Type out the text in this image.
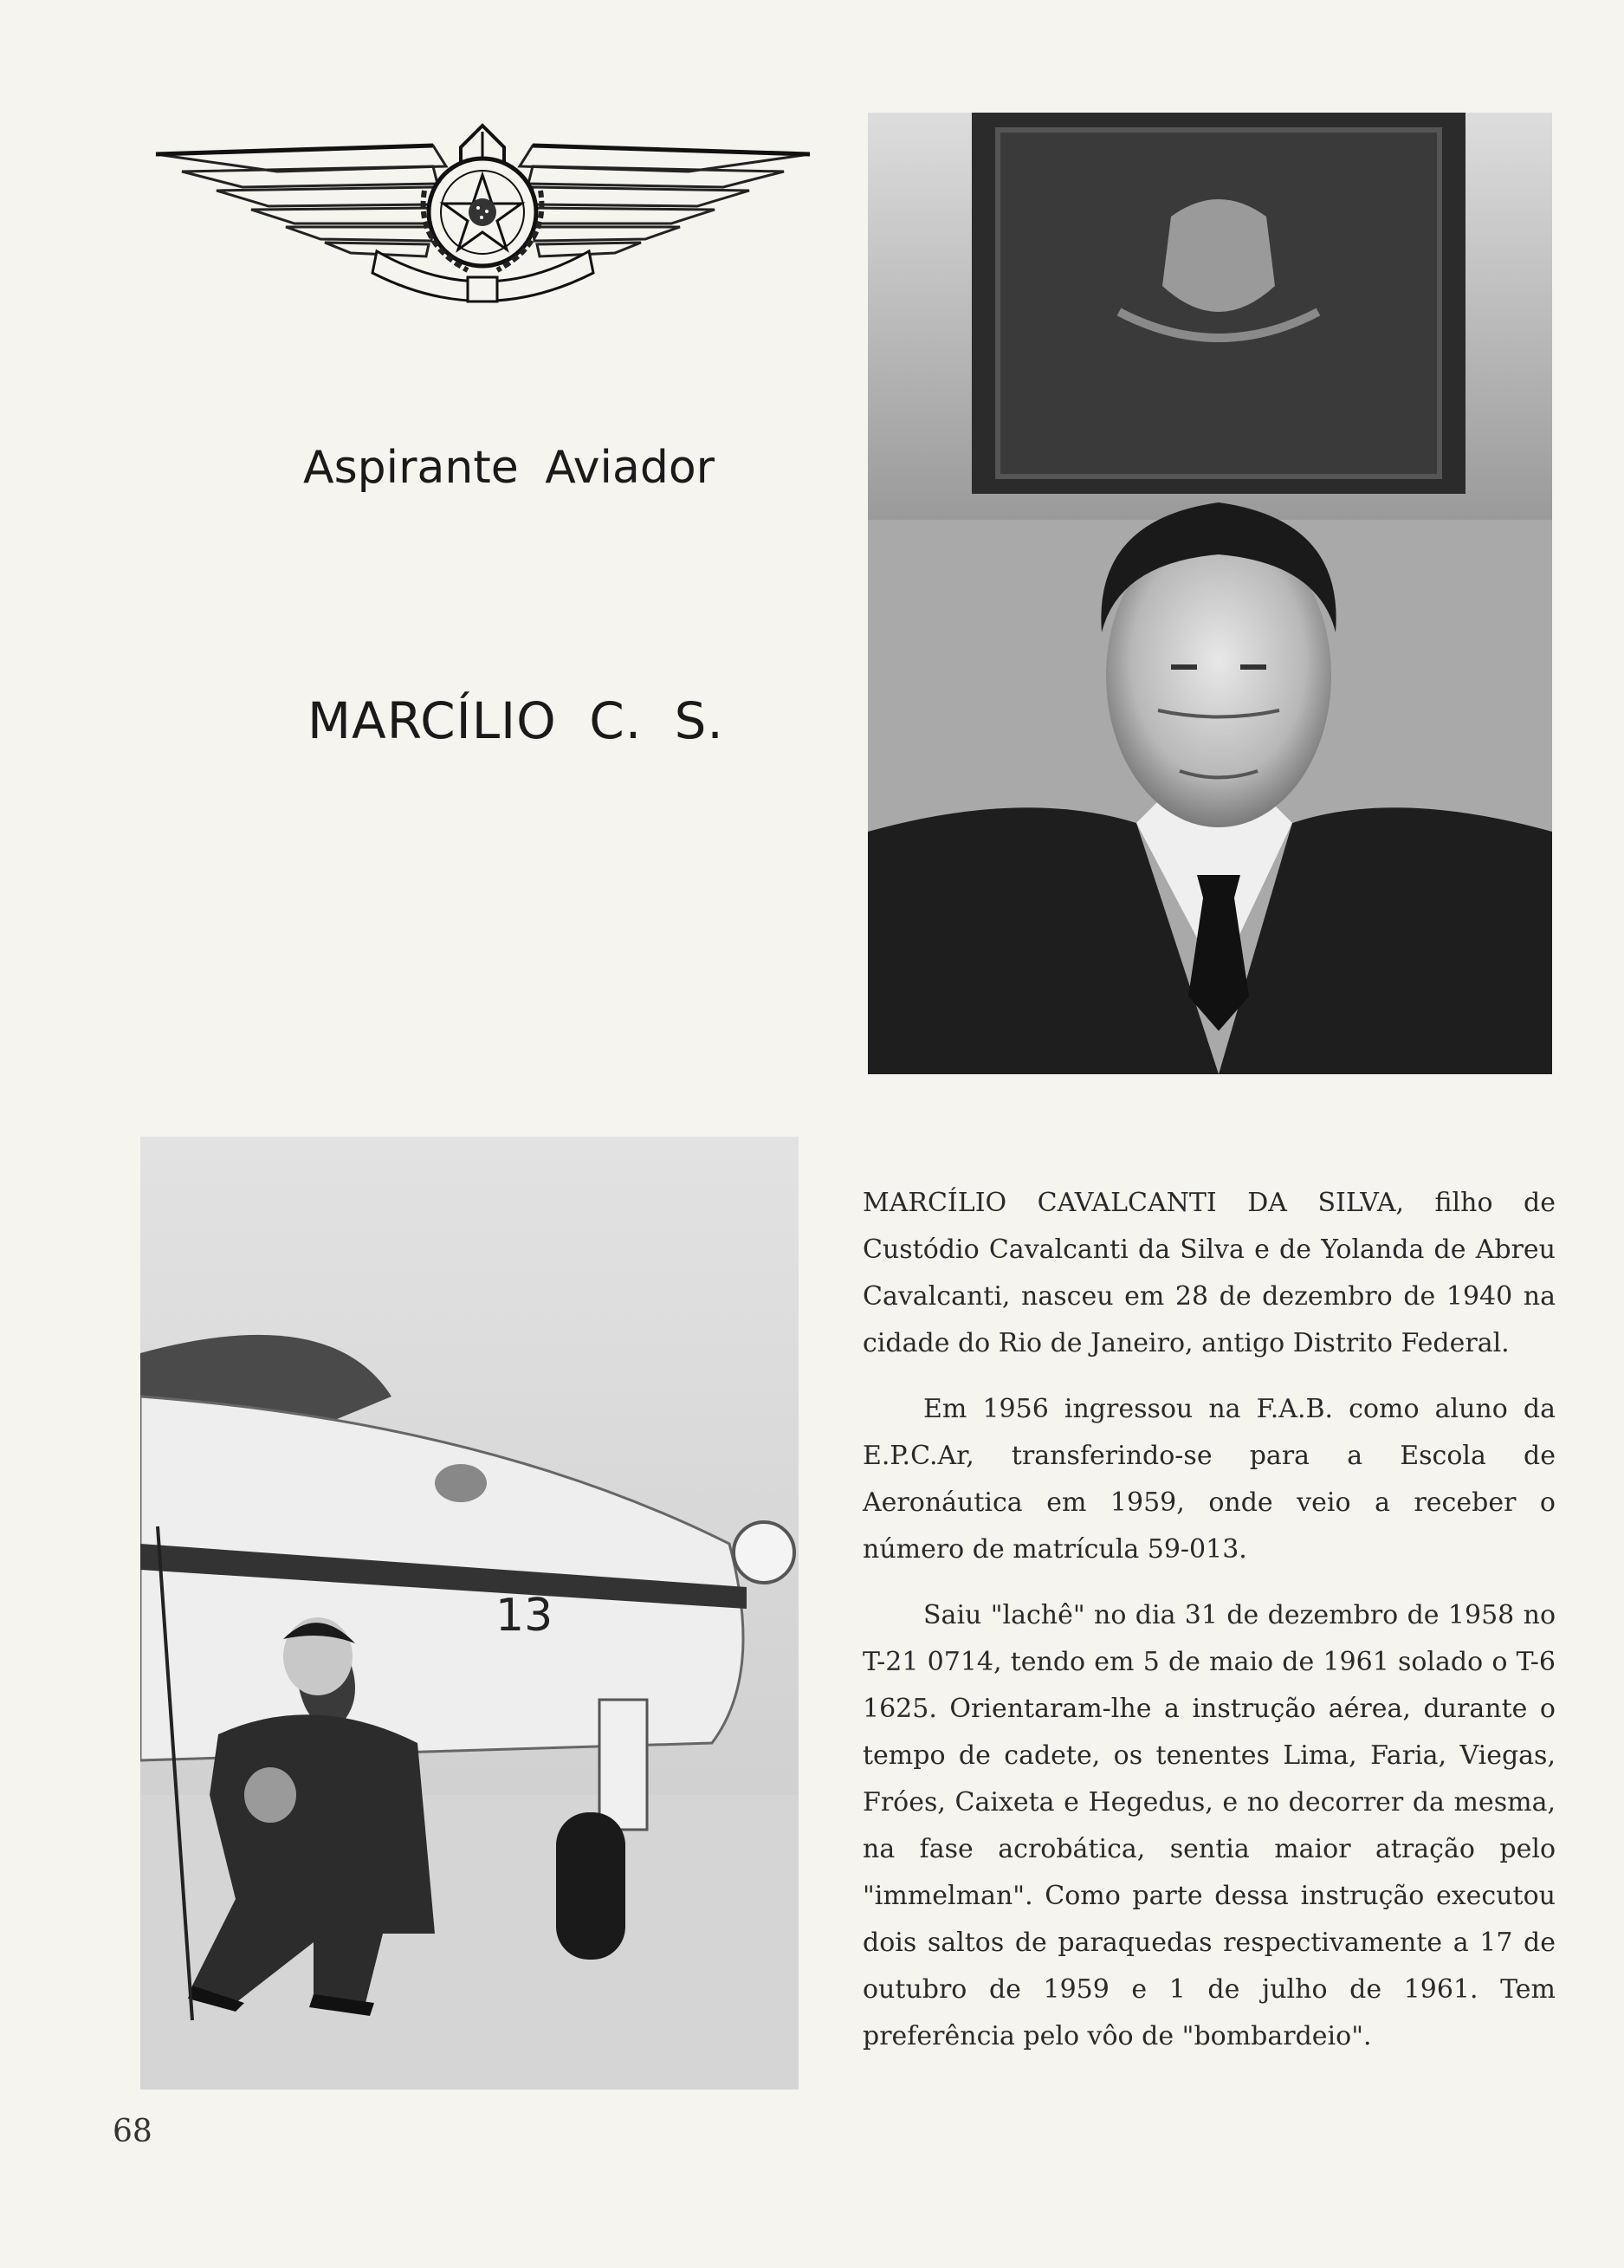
Aspirante Aviador
MARCÍLIO C. S.
13

MARCÍLIO CAVALCANTI DA SILVA, filho de Custódio Cavalcanti da Silva e de Yolanda de Abreu Cavalcanti, nasceu em 28 de dezembro de 1940 na cidade do Rio de Janeiro, antigo Distrito Federal.

Em 1956 ingressou na F.A.B. como aluno da E.P.C.Ar, transferindo-se para a Escola de Aeronáutica em 1959, onde veio a receber o número de matrícula 59-013.

Saiu "lachê" no dia 31 de dezembro de 1958 no T-21 0714, tendo em 5 de maio de 1961 solado o T-6 1625. Orientaram-lhe a instrução aérea, durante o tempo de cadete, os tenentes Lima, Faria, Viegas, Fróes, Caixeta e Hegedus, e no decorrer da mesma, na fase acrobática, sentia maior atração pelo "immelman". Como parte dessa instrução executou dois saltos de paraquedas respectivamente a 17 de outubro de 1959 e 1 de julho de 1961. Tem preferência pelo vôo de "bombardeio".

68
